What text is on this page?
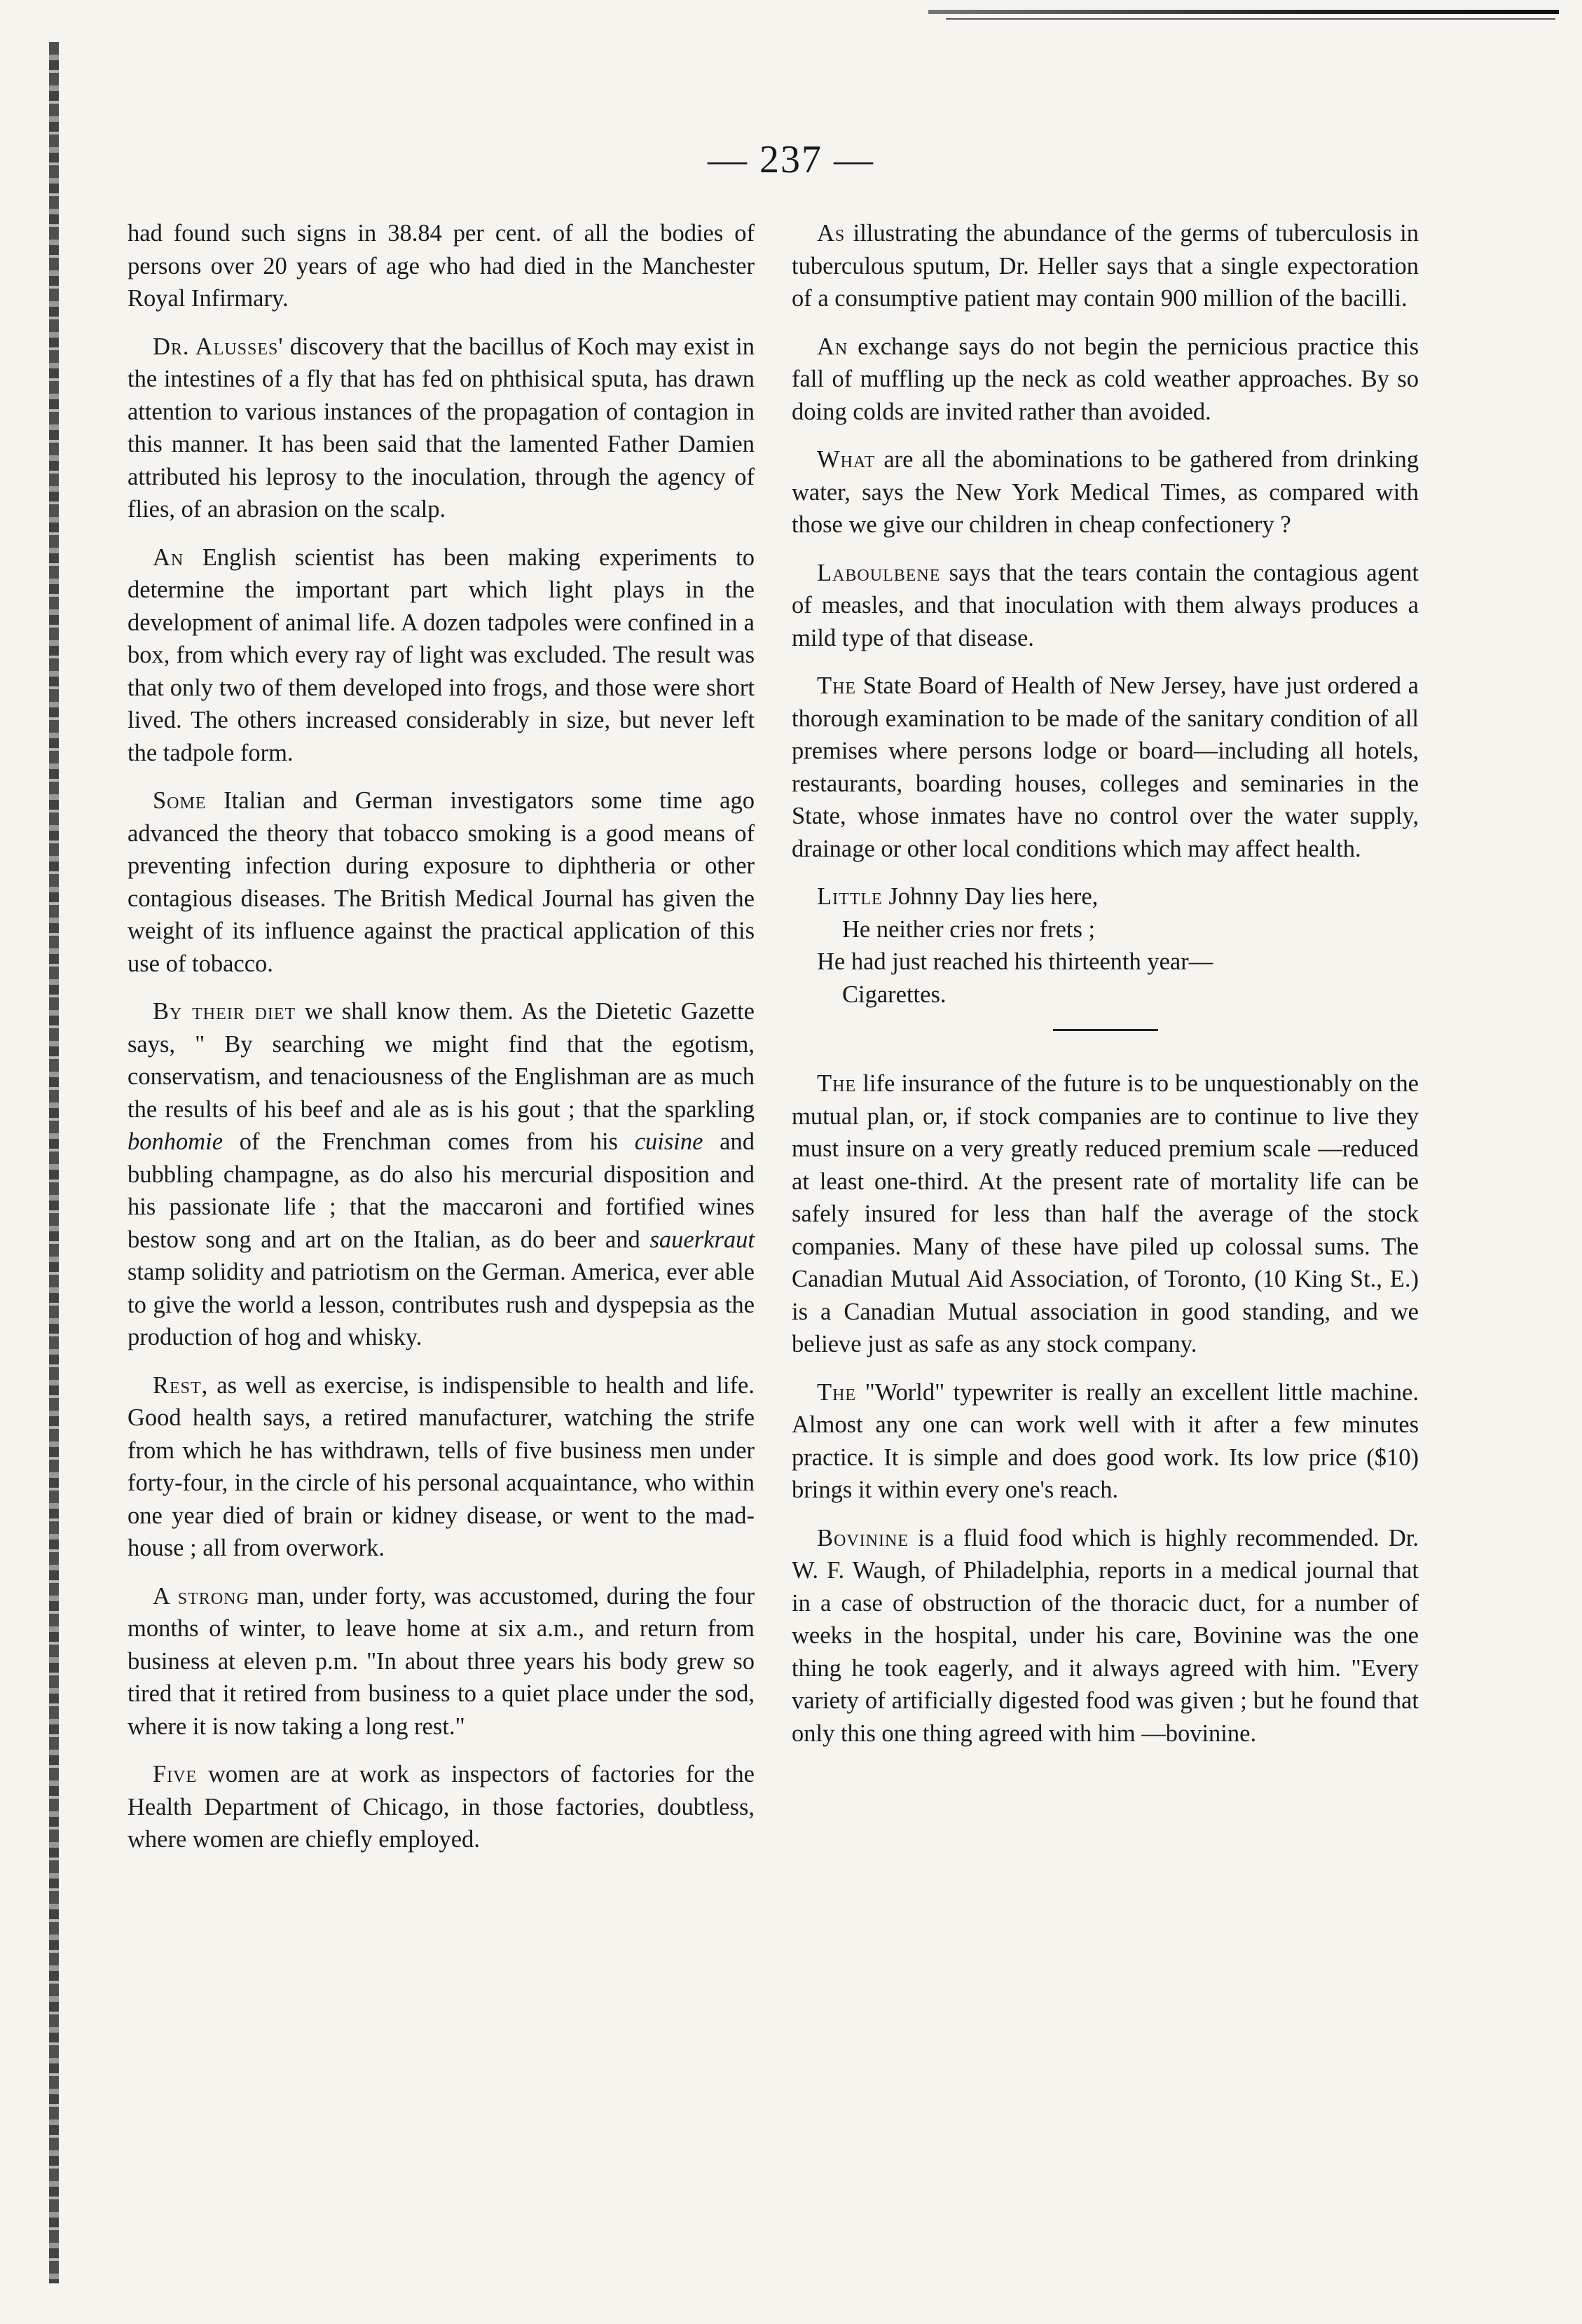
— 237 —

had found such signs in 38.84 per cent. of all the bodies of persons over 20 years of age who had died in the Manchester Royal Infirmary.

Dr. Alusses' discovery that the bacillus of Koch may exist in the intestines of a fly that has fed on phthisical sputa, has drawn attention to various instances of the propagation of contagion in this manner. It has been said that the lamented Father Damien attributed his leprosy to the inoculation, through the agency of flies, of an abrasion on the scalp.

An English scientist has been making experiments to determine the important part which light plays in the development of animal life. A dozen tadpoles were confined in a box, from which every ray of light was excluded. The result was that only two of them developed into frogs, and those were short lived. The others increased considerably in size, but never left the tadpole form.

Some Italian and German investigators some time ago advanced the theory that tobacco smoking is a good means of preventing infection during exposure to diphtheria or other contagious diseases. The British Medical Journal has given the weight of its influence against the practical application of this use of tobacco.

By their diet we shall know them. As the Dietetic Gazette says, " By searching we might find that the egotism, conservatism, and tenaciousness of the Englishman are as much the results of his beef and ale as is his gout ; that the sparkling bonhomie of the Frenchman comes from his cuisine and bubbling champagne, as do also his mercurial disposition and his passionate life ; that the maccaroni and fortified wines bestow song and art on the Italian, as do beer and sauerkraut stamp solidity and patriotism on the German. America, ever able to give the world a lesson, contributes rush and dyspepsia as the production of hog and whisky.

Rest, as well as exercise, is indispensible to health and life. Good health says, a retired manufacturer, watching the strife from which he has withdrawn, tells of five business men under forty-four, in the circle of his personal acquaintance, who within one year died of brain or kidney disease, or went to the mad-house ; all from overwork.

A strong man, under forty, was accustomed, during the four months of winter, to leave home at six a.m., and return from business at eleven p.m. "In about three years his body grew so tired that it retired from business to a quiet place under the sod, where it is now taking a long rest."

Five women are at work as inspectors of factories for the Health Department of Chicago, in those factories, doubtless, where women are chiefly employed.

As illustrating the abundance of the germs of tuberculosis in tuberculous sputum, Dr. Heller says that a single expectoration of a consumptive patient may contain 900 million of the bacilli.

An exchange says do not begin the pernicious practice this fall of muffling up the neck as cold weather approaches. By so doing colds are invited rather than avoided.

What are all the abominations to be gathered from drinking water, says the New York Medical Times, as compared with those we give our children in cheap confectionery ?

Laboulbene says that the tears contain the contagious agent of measles, and that inoculation with them always produces a mild type of that disease.

The State Board of Health of New Jersey, have just ordered a thorough examination to be made of the sanitary condition of all premises where persons lodge or board—including all hotels, restaurants, boarding houses, colleges and seminaries in the State, whose inmates have no control over the water supply, drainage or other local conditions which may affect health.

Little Johnny Day lies here,
He neither cries nor frets ;
He had just reached his thirteenth year—
Cigarettes.

The life insurance of the future is to be unquestionably on the mutual plan, or, if stock companies are to continue to live they must insure on a very greatly reduced premium scale —reduced at least one-third. At the present rate of mortality life can be safely insured for less than half the average of the stock companies. Many of these have piled up colossal sums. The Canadian Mutual Aid Association, of Toronto, (10 King St., E.) is a Canadian Mutual association in good standing, and we believe just as safe as any stock company.

The "World" typewriter is really an excellent little machine. Almost any one can work well with it after a few minutes practice. It is simple and does good work. Its low price ($10) brings it within every one's reach.

Bovinine is a fluid food which is highly recommended. Dr. W. F. Waugh, of Philadelphia, reports in a medical journal that in a case of obstruction of the thoracic duct, for a number of weeks in the hospital, under his care, Bovinine was the one thing he took eagerly, and it always agreed with him. "Every variety of artificially digested food was given ; but he found that only this one thing agreed with him —bovinine.
